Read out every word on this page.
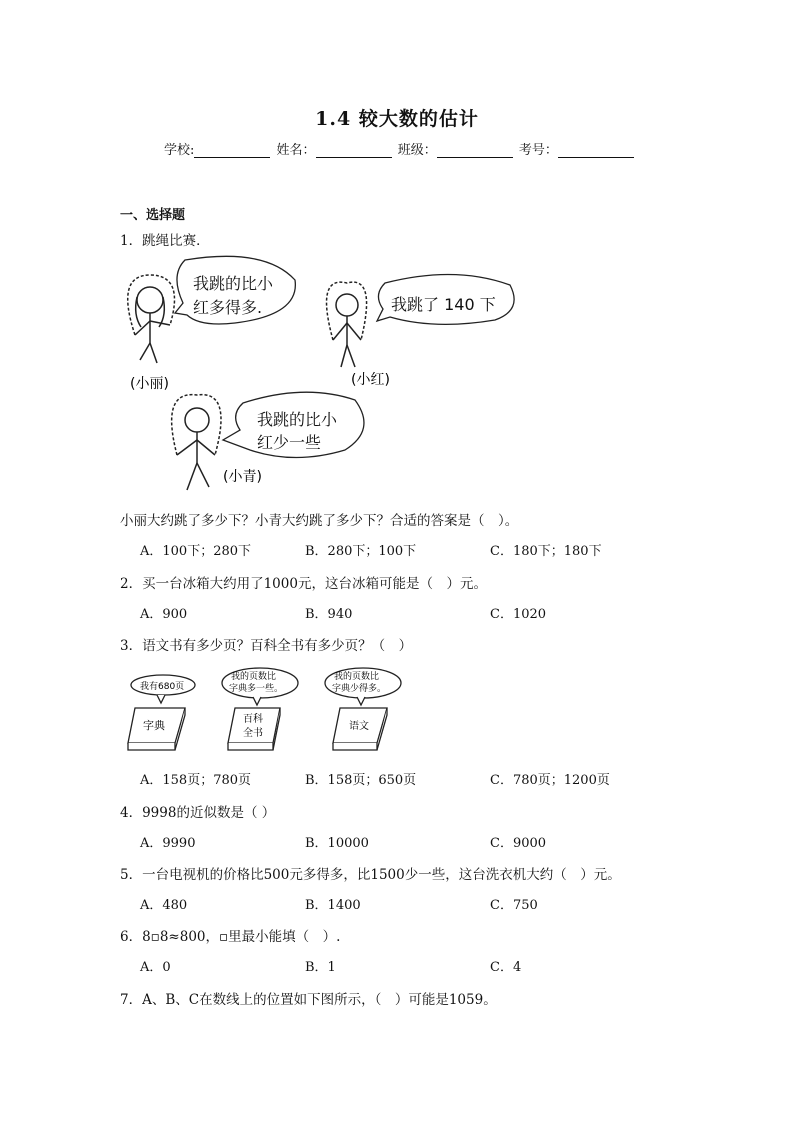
1.4 较大数的估计
学校:	姓名：	班级：	考号：
一、选择题
1．跳绳比赛．
(小丽)
我跳的比小
红多得多.
(小红)
我跳了 140 下
(小青)
我跳的比小
红少一些
小丽大约跳了多少下？小青大约跳了多少下？合适的答案是（　）。
A．100下；280下	B．280下；100下	C．180下；180下
2．买一台冰箱大约用了1000元，这台冰箱可能是（　）元。
A．900	B．940	C．1020
3．语文书有多少页？百科全书有多少页？（　）
我有680页
字典
我的页数比
字典多一些。
百科
全书
我的页数比
字典少得多。
语文
A．158页；780页	B．158页；650页	C．780页；1200页
4．9998的近似数是（ ）
A．9990	B．10000	C．9000
5．一台电视机的价格比500元多得多，比1500少一些，这台洗衣机大约（　）元。
A．480	B．1400	C．750
6．8▫8≈800，▫里最小能填（　）.
A．0	B．1	C．4
7．A、B、C在数线上的位置如下图所示，（　）可能是1059。
